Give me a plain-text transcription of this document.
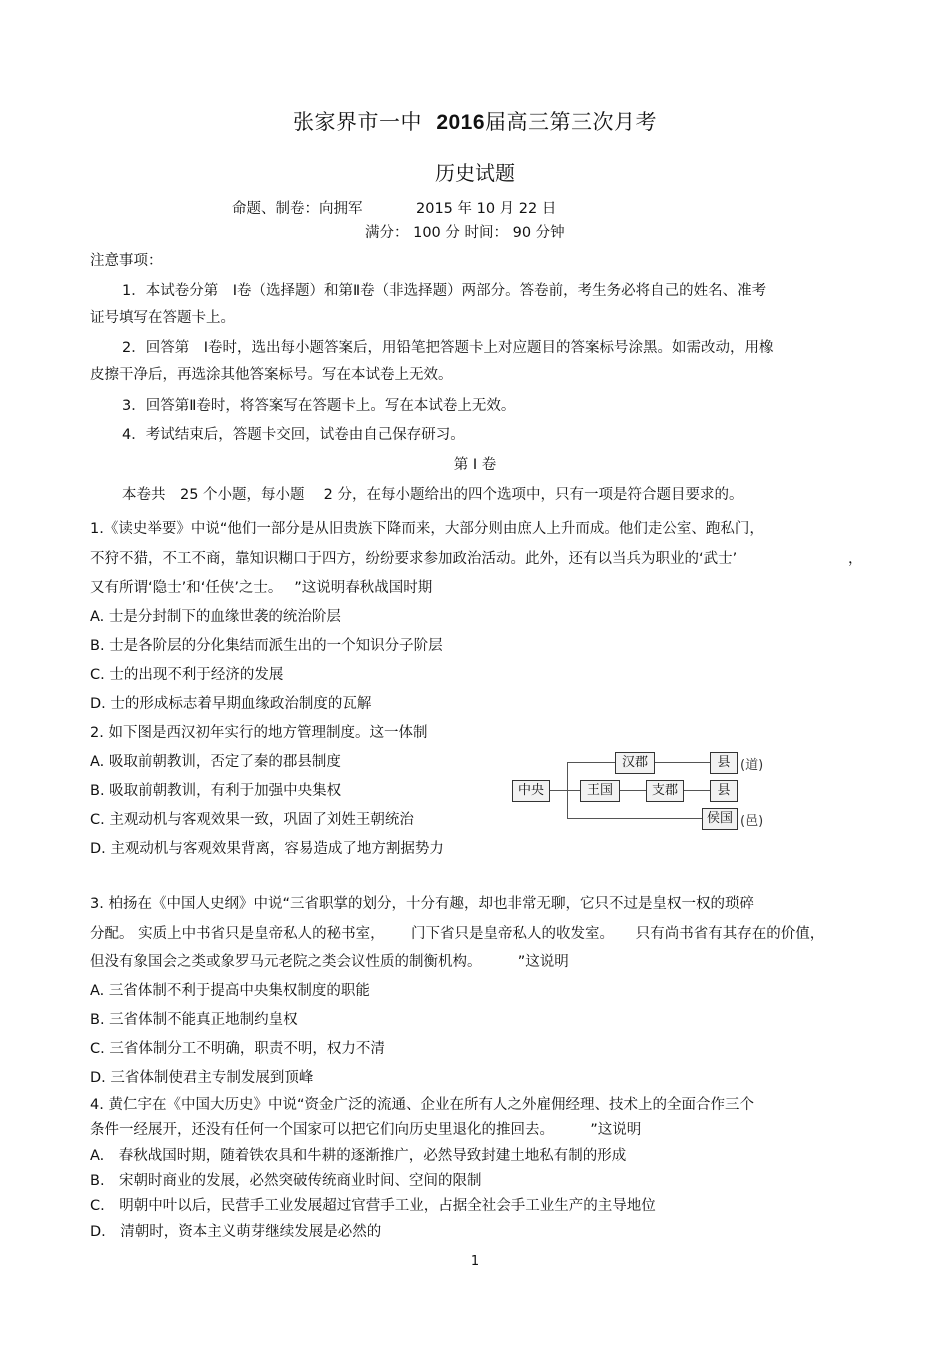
张家界市一中 2016届高三第三次月考
历史试题
命题、制卷：向拥军	2015 年 10 月 22 日
满分： 100 分 时间： 90 分钟
注意事项：
1．本试卷分第　Ⅰ卷（选择题）和第Ⅱ卷（非选择题）两部分。答卷前，考生务必将自己的姓名、准考
证号填写在答题卡上。
2．回答第　Ⅰ卷时，选出每小题答案后，用铅笔把答题卡上对应题目的答案标号涂黑。如需改动，用橡
皮擦干净后，再选涂其他答案标号。写在本试卷上无效。
3．回答第Ⅱ卷时，将答案写在答题卡上。写在本试卷上无效。
4．考试结束后，答题卡交回，试卷由自己保存研习。
第 Ⅰ 卷
本卷共　25 个小题，每小题　 2 分，在每小题给出的四个选项中，只有一项是符合题目要求的。
1.《读史举要》中说“他们一部分是从旧贵族下降而来，大部分则由庶人上升而成。他们走公室、跑私门，
不狩不猎，不工不商，靠知识糊口于四方，纷纷要求参加政治活动。此外，还有以当兵为职业的‘武士’	，
又有所谓‘隐士’和‘任侠’之士。　 ”这说明春秋战国时期
A. 士是分封制下的血缘世袭的统治阶层
B. 士是各阶层的分化集结而派生出的一个知识分子阶层
C. 士的出现不利于经济的发展
D. 士的形成标志着早期血缘政治制度的瓦解
2. 如下图是西汉初年实行的地方管理制度。这一体制
A. 吸取前朝教训，否定了秦的郡县制度
B. 吸取前朝教训，有利于加强中央集权
C. 主观动机与客观效果一致，巩固了刘姓王朝统治
D. 主观动机与客观效果背离，容易造成了地方割据势力
中央
汉郡
王国	支郡
县 (道)
县
侯国 (邑)
3. 柏扬在《中国人史纲》中说“三省职掌的划分，十分有趣，却也非常无聊，它只不过是皇权一权的琐碎
分配。 实质上中书省只是皇帝私人的秘书室，　　 门下省只是皇帝私人的收发室。　　只有尚书省有其存在的价值，
但没有象国会之类或象罗马元老院之类会议性质的制衡机构。　　　”这说明
A. 三省体制不利于提高中央集权制度的职能
B. 三省体制不能真正地制约皇权
C. 三省体制分工不明确，职责不明，权力不清
D. 三省体制使君主专制发展到顶峰
4. 黄仁宇在《中国大历史》中说“资金广泛的流通、企业在所有人之外雇佣经理、技术上的全面合作三个
条件一经展开，还没有任何一个国家可以把它们向历史里退化的推回去。　　　”这说明
A.　春秋战国时期，随着铁农具和牛耕的逐渐推广，必然导致封建土地私有制的形成
B.　宋朝时商业的发展，必然突破传统商业时间、空间的限制
C.　明朝中叶以后，民营手工业发展超过官营手工业，占据全社会手工业生产的主导地位
D.　清朝时，资本主义萌芽继续发展是必然的
1
